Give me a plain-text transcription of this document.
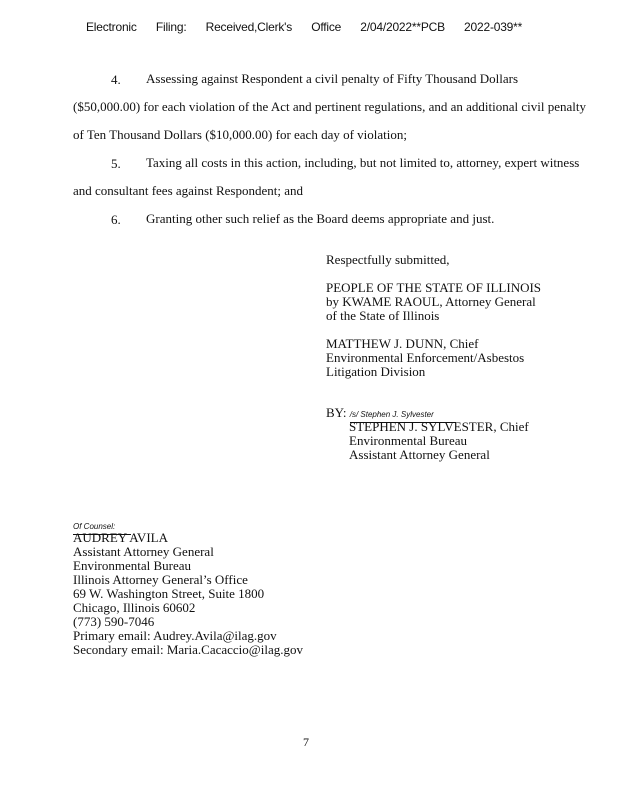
Electronic Filing: Received,Clerk's Office 2/04/2022**PCB 2022-039**
4. Assessing against Respondent a civil penalty of Fifty Thousand Dollars
($50,000.00) for each violation of the Act and pertinent regulations, and an additional civil penalty
of Ten Thousand Dollars ($10,000.00) for each day of violation;
5. Taxing all costs in this action, including, but not limited to, attorney, expert witness
and consultant fees against Respondent; and
6. Granting other such relief as the Board deems appropriate and just.
Respectfully submitted,
PEOPLE OF THE STATE OF ILLINOIS
by KWAME RAOUL, Attorney General
of the State of Illinois
MATTHEW J. DUNN, Chief
Environmental Enforcement/Asbestos
Litigation Division
BY: /s/ Stephen J. Sylvester
STEPHEN J. SYLVESTER, Chief
Environmental Bureau
Assistant Attorney General
Of Counsel:
AUDREY AVILA
Assistant Attorney General
Environmental Bureau
Illinois Attorney General’s Office
69 W. Washington Street, Suite 1800
Chicago, Illinois 60602
(773) 590-7046
Primary email: Audrey.Avila@ilag.gov
Secondary email: Maria.Cacaccio@ilag.gov
7
